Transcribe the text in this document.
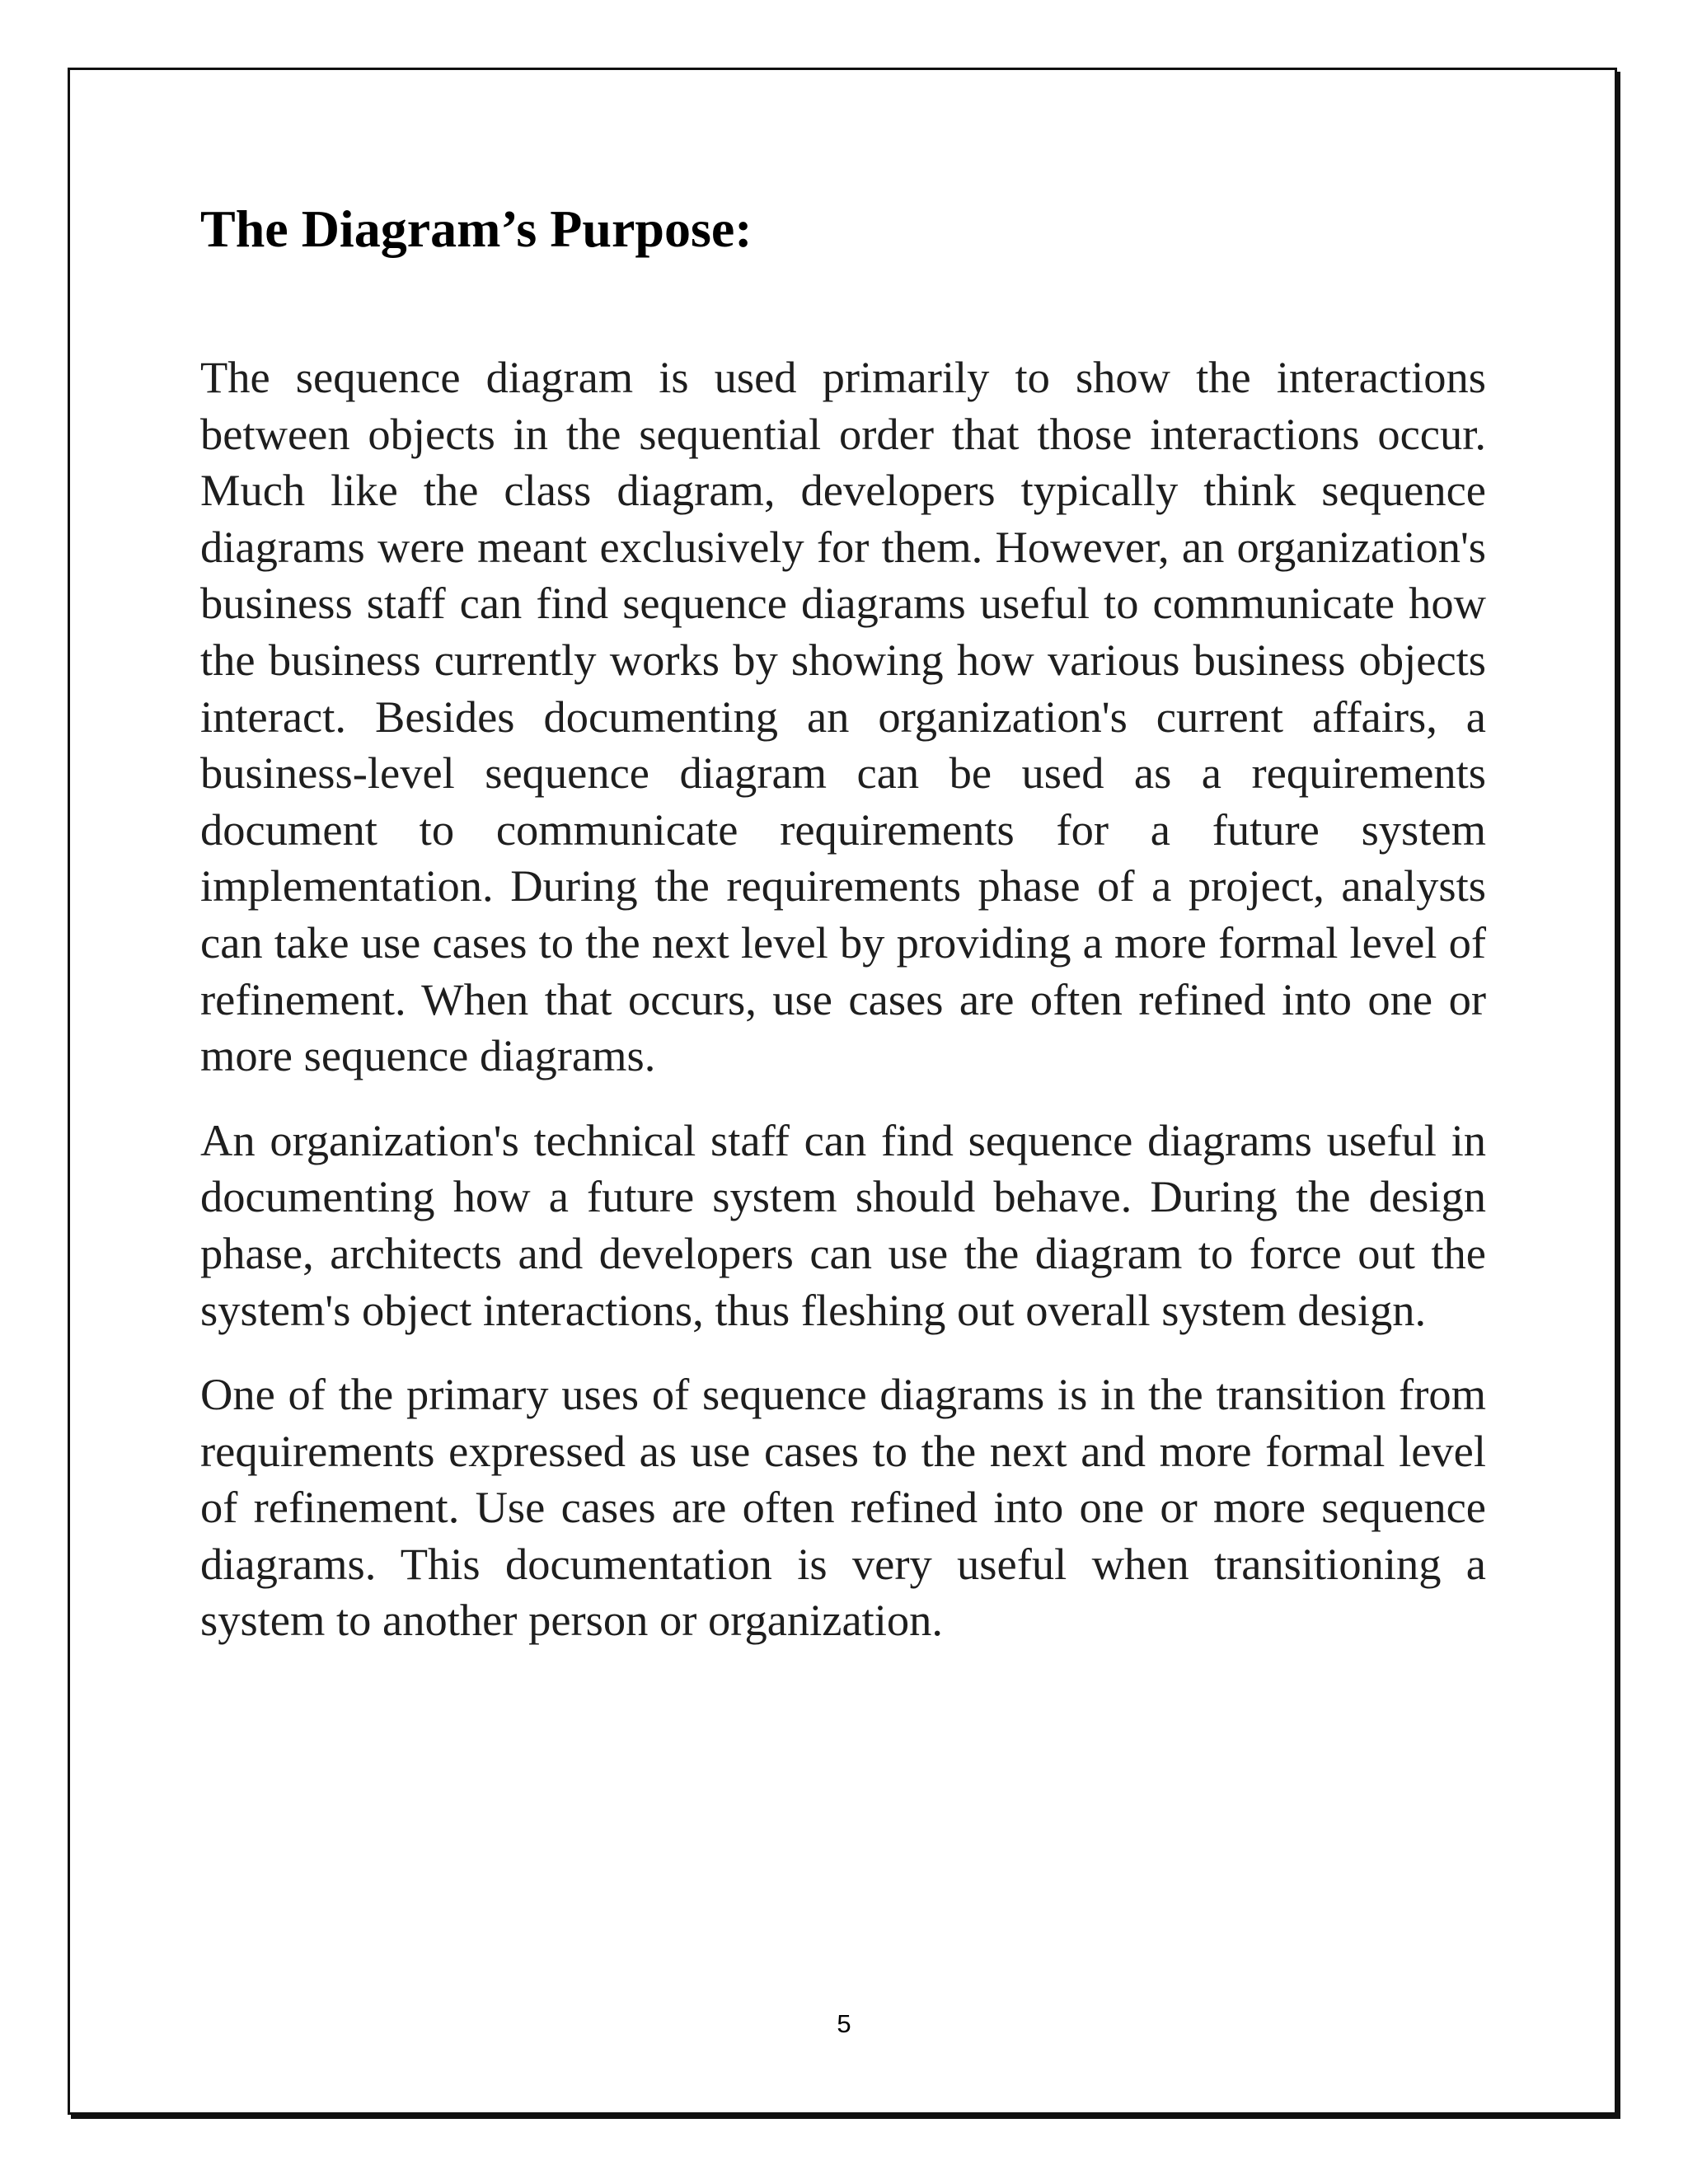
The Diagram’s Purpose:

The sequence diagram is used primarily to show the interactions between objects in the sequential order that those interactions occur. Much like the class diagram, developers typically think sequence diagrams were meant exclusively for them. However, an organization's business staff can find sequence diagrams useful to communicate how the business currently works by showing how various business objects interact. Besides documenting an organization's current affairs, a business-level sequence diagram can be used as a requirements document to communicate requirements for a future system implementation. During the requirements phase of a project, analysts can take use cases to the next level by providing a more formal level of refinement. When that occurs, use cases are often refined into one or more sequence diagrams.

An organization's technical staff can find sequence diagrams useful in documenting how a future system should behave. During the design phase, architects and developers can use the diagram to force out the system's object interactions, thus fleshing out overall system design.

One of the primary uses of sequence diagrams is in the transition from requirements expressed as use cases to the next and more formal level of refinement. Use cases are often refined into one or more sequence diagrams. This documentation is very useful when transitioning a system to another person or organization.

5
